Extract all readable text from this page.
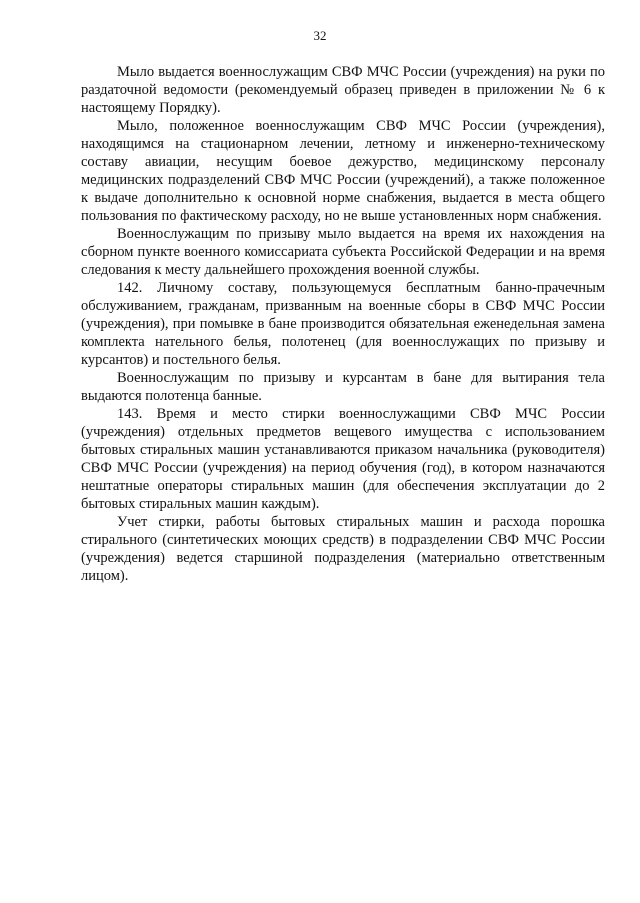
32

Мыло выдается военнослужащим СВФ МЧС России (учреждения) на руки по раздаточной ведомости (рекомендуемый образец приведен в приложении № 6 к настоящему Порядку).

Мыло, положенное военнослужащим СВФ МЧС России (учреждения), находящимся на стационарном лечении, летному и инженерно-техническому составу авиации, несущим боевое дежурство, медицинскому персоналу медицинских подразделений СВФ МЧС России (учреждений), а также положенное к выдаче дополнительно к основной норме снабжения, выдается в места общего пользования по фактическому расходу, но не выше установленных норм снабжения.

Военнослужащим по призыву мыло выдается на время их нахождения на сборном пункте военного комиссариата субъекта Российской Федерации и на время следования к месту дальнейшего прохождения военной службы.

142. Личному составу, пользующемуся бесплатным банно-прачечным обслуживанием, гражданам, призванным на военные сборы в СВФ МЧС России (учреждения), при помывке в бане производится обязательная еженедельная замена комплекта нательного белья, полотенец (для военнослужащих по призыву и курсантов) и постельного белья.

Военнослужащим по призыву и курсантам в бане для вытирания тела выдаются полотенца банные.

143. Время и место стирки военнослужащими СВФ МЧС России (учреждения) отдельных предметов вещевого имущества с использованием бытовых стиральных машин устанавливаются приказом начальника (руководителя) СВФ МЧС России (учреждения) на период обучения (год), в котором назначаются нештатные операторы стиральных машин (для обеспечения эксплуатации до 2 бытовых стиральных машин каждым).

Учет стирки, работы бытовых стиральных машин и расхода порошка стирального (синтетических моющих средств) в подразделении СВФ МЧС России (учреждения) ведется старшиной подразделения (материально ответственным лицом).
